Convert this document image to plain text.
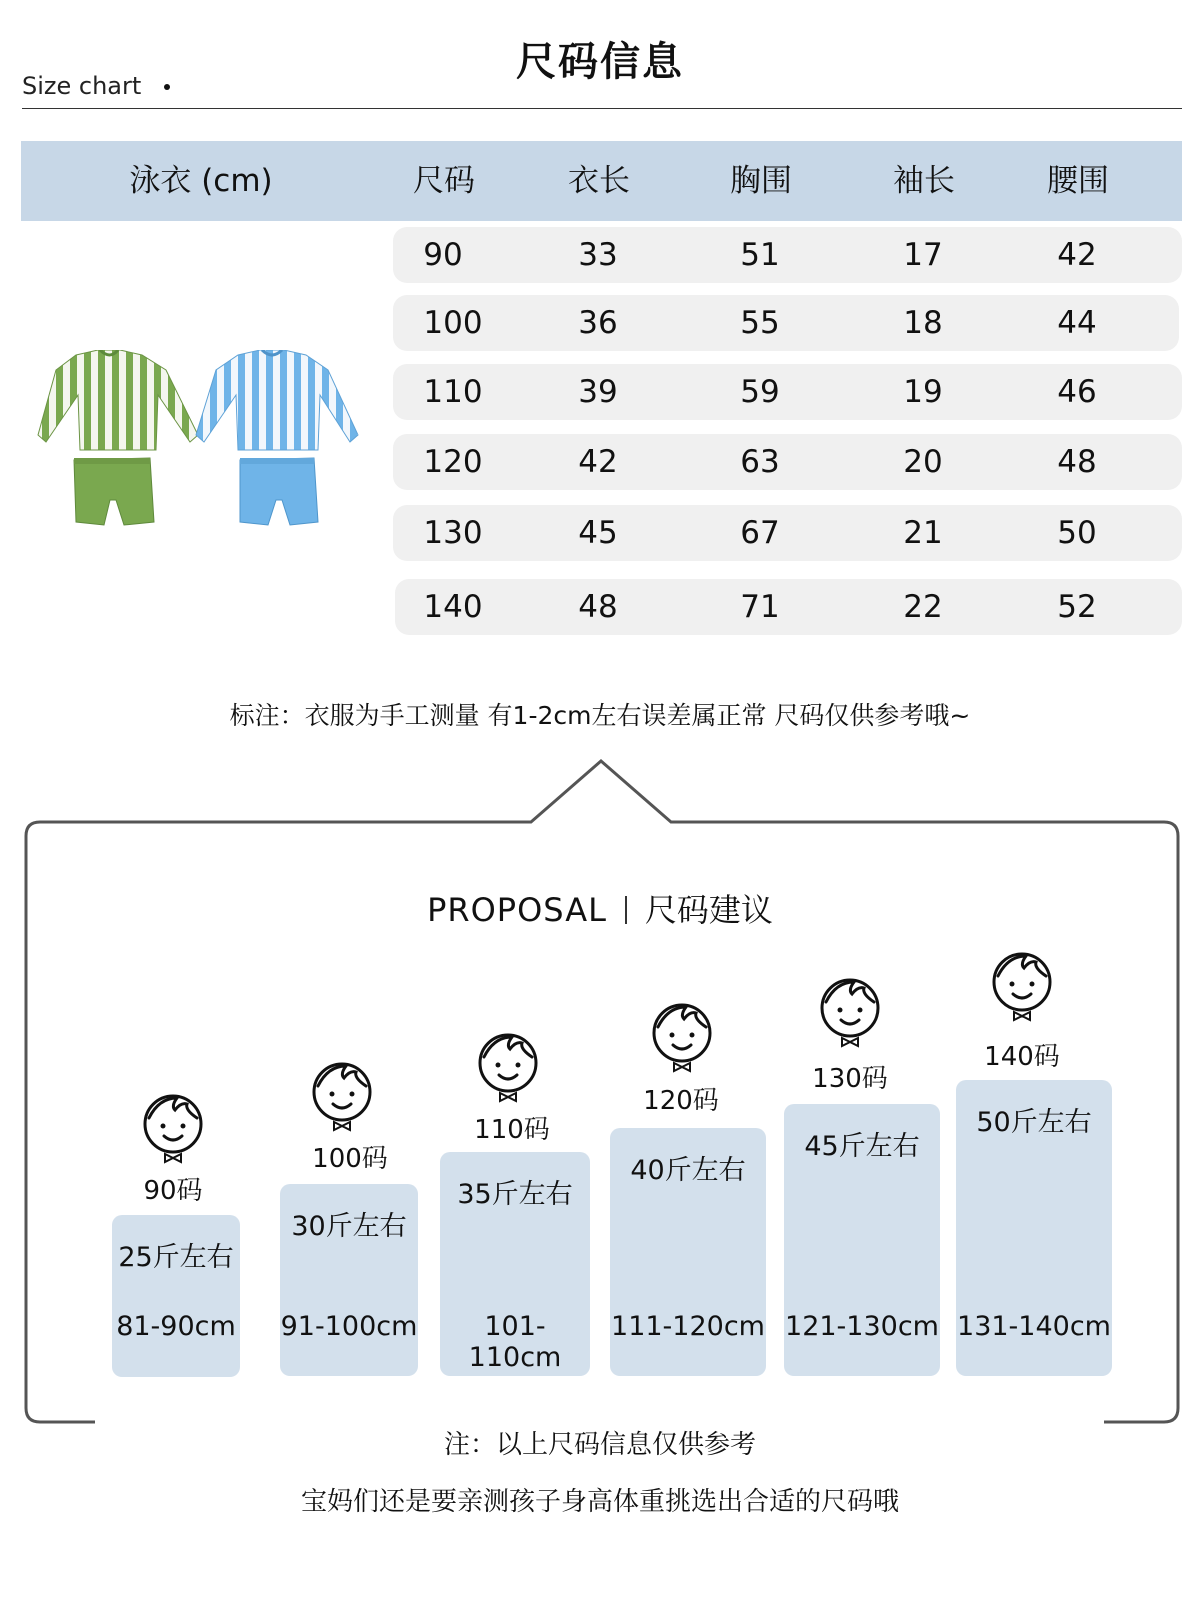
尺码信息
Size chart
泳衣 (cm)	尺码	衣长	胸围	袖长	腰围
90	33	51	17	42
100	36	55	18	44
110	39	59	19	46
120	42	63	20	48
130	45	67	21	50
140	48	71	22	52
标注：衣服为手工测量 有1-2cm左右误差属正常 尺码仅供参考哦~
PROPOSAL 尺码建议
90码
100码
110码
120码
130码
140码
25斤左右
81-90cm
30斤左右
91-100cm
35斤左右
101-110cm
40斤左右
111-120cm
45斤左右
121-130cm
50斤左右
131-140cm
注：以上尺码信息仅供参考
宝妈们还是要亲测孩子身高体重挑选出合适的尺码哦
